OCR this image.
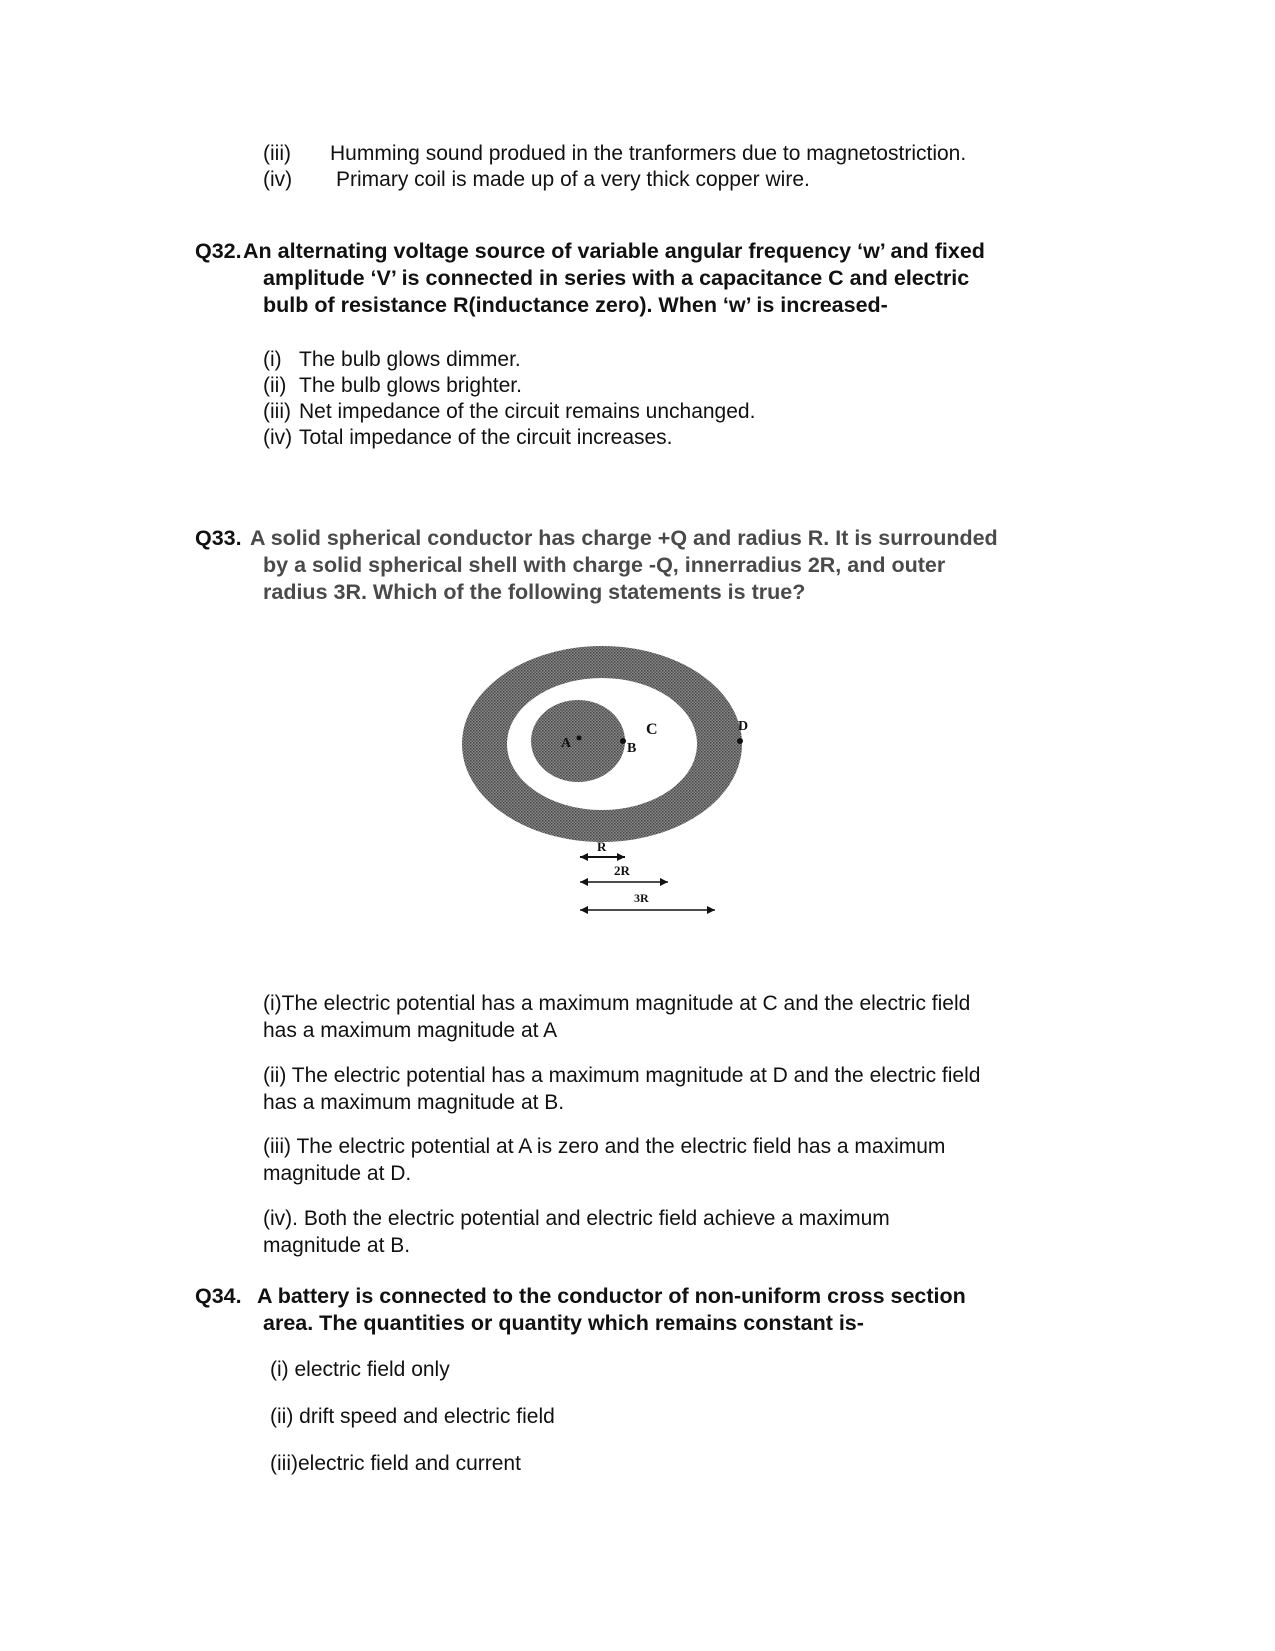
(iii) Humming sound produed in the tranformers due to magnetostriction.
(iv) Primary coil is made up of a very thick copper wire.
Q32. An alternating voltage source of variable angular frequency ‘w’ and fixed
amplitude ‘V’ is connected in series with a capacitance C and electric
bulb of resistance R(inductance zero). When ‘w’ is increased-
(i) The bulb glows dimmer.
(ii) The bulb glows brighter.
(iii) Net impedance of the circuit remains unchanged.
(iv) Total impedance of the circuit increases.
Q33. A solid spherical conductor has charge +Q and radius R. It is surrounded
by a solid spherical shell with charge -Q, innerradius 2R, and outer
radius 3R. Which of the following statements is true?
A	B
C	D
R
2R
3R
(i)The electric potential has a maximum magnitude at C and the electric field
has a maximum magnitude at A
(ii) The electric potential has a maximum magnitude at D and the electric field
has a maximum magnitude at B.
(iii) The electric potential at A is zero and the electric field has a maximum
magnitude at D.
(iv). Both the electric potential and electric field achieve a maximum
magnitude at B.
Q34. A battery is connected to the conductor of non-uniform cross section
area. The quantities or quantity which remains constant is-
(i) electric field only
(ii) drift speed and electric field
(iii)electric field and current
